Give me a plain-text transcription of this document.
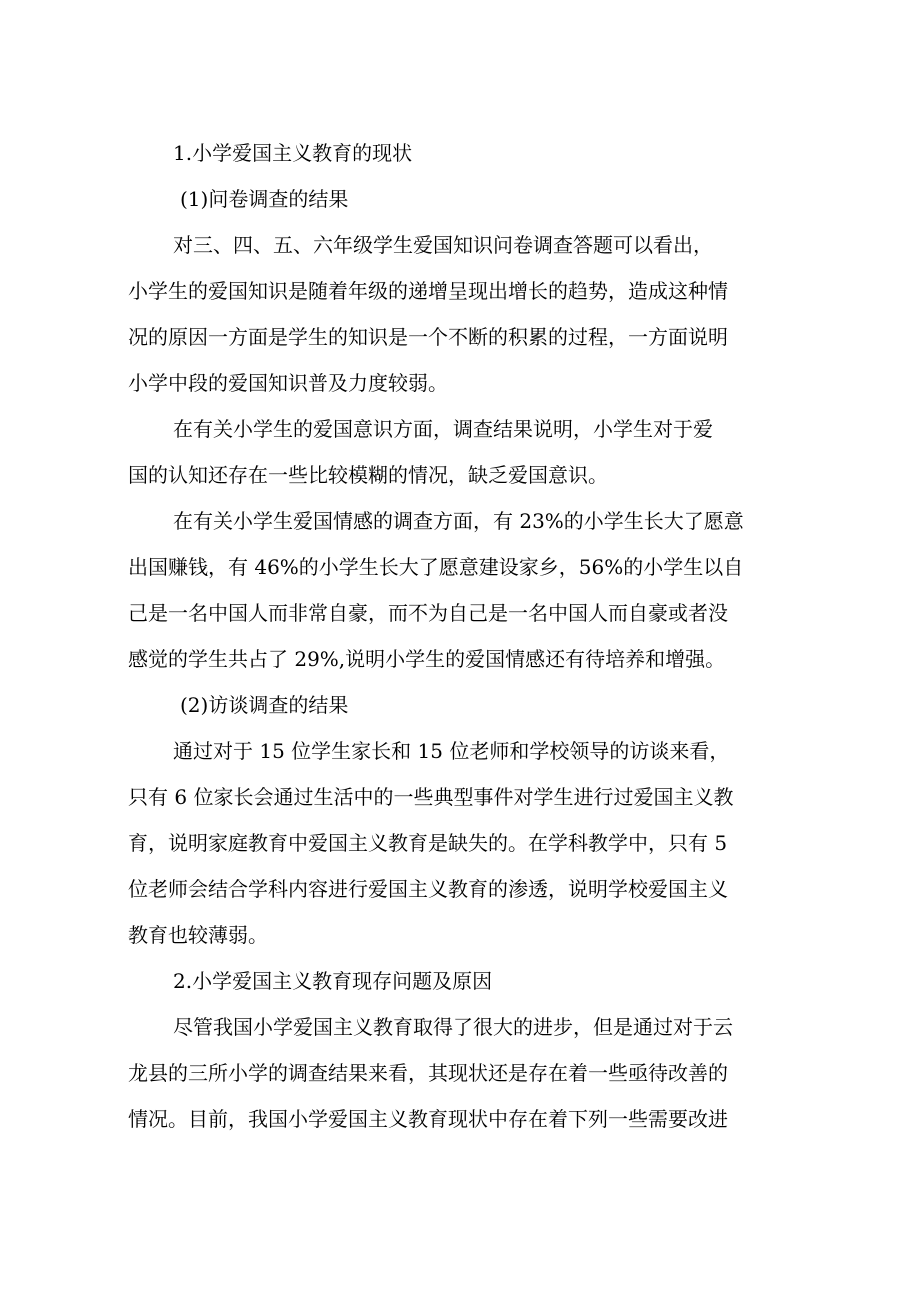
1.小学爱国主义教育的现状
(1)问卷调查的结果
对三、四、五、六年级学生爱国知识问卷调查答题可以看出，
小学生的爱国知识是随着年级的递增呈现出增长的趋势，造成这种情
况的原因一方面是学生的知识是一个不断的积累的过程，一方面说明
小学中段的爱国知识普及力度较弱。
在有关小学生的爱国意识方面，调查结果说明，小学生对于爱
国的认知还存在一些比较模糊的情况，缺乏爱国意识。
在有关小学生爱国情感的调查方面，有 23%的小学生长大了愿意
出国赚钱，有 46%的小学生长大了愿意建设家乡，56%的小学生以自
己是一名中国人而非常自豪，而不为自己是一名中国人而自豪或者没
感觉的学生共占了 29%,说明小学生的爱国情感还有待培养和增强。
(2)访谈调查的结果
通过对于 15 位学生家长和 15 位老师和学校领导的访谈来看，
只有 6 位家长会通过生活中的一些典型事件对学生进行过爱国主义教
育，说明家庭教育中爱国主义教育是缺失的。在学科教学中，只有 5
位老师会结合学科内容进行爱国主义教育的渗透，说明学校爱国主义
教育也较薄弱。
2.小学爱国主义教育现存问题及原因
尽管我国小学爱国主义教育取得了很大的进步，但是通过对于云
龙县的三所小学的调查结果来看，其现状还是存在着一些亟待改善的
情况。目前，我国小学爱国主义教育现状中存在着下列一些需要改进
